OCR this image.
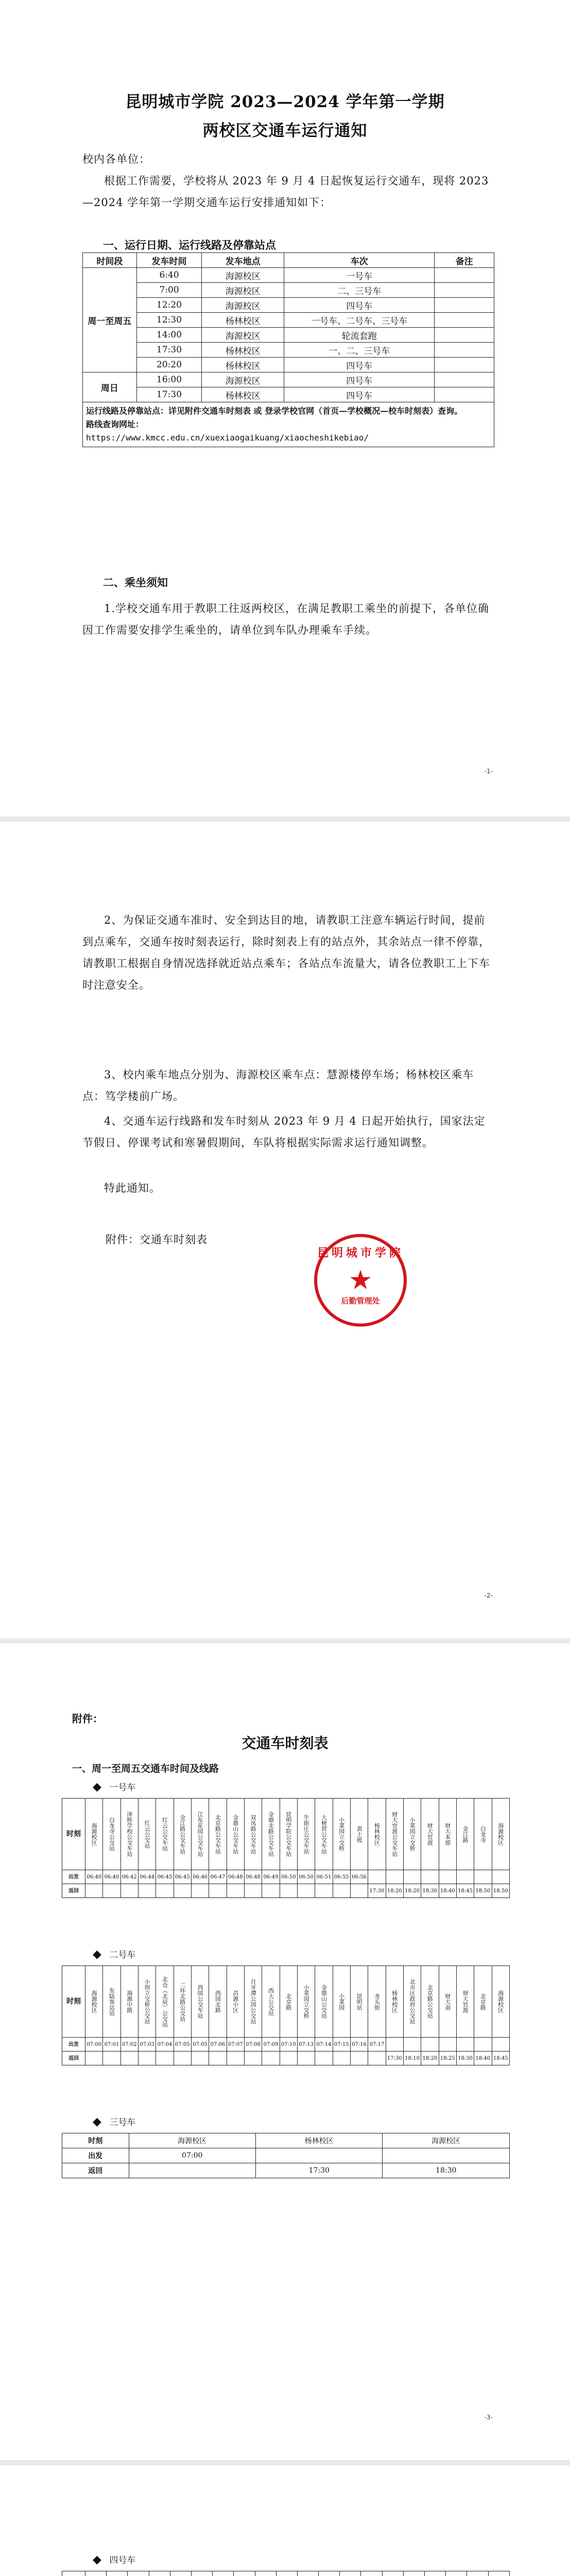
昆明城市学院 2023—2024 学年第一学期
两校区交通车运行通知
校内各单位：
根据工作需要，学校将从 2023 年 9 月 4 日起恢复运行交通车，现将 2023—2024 学年第一学期交通车运行安排通知如下：
一、运行日期、运行线路及停靠站点
时间段	发车时间	发车地点	车次	备注
周一至周五	6:40	海源校区	一号车	
	7:00	海源校区	二、三号车	
	12:20	海源校区	四号车	
	12:30	杨林校区	一号车、二号车、三号车	
	14:00	海源校区	轮流套跑	
	17:30	杨林校区	一、二、三号车	
	20:20	杨林校区	四号车	
周日	16:00	海源校区	四号车	
	17:30	杨林校区	四号车	

运行线路及停靠站点：详见附件交通车时刻表 或 登录学校官网（首页—学校概况—校车时刻表）查询。
路线查询网址：
https://www.kmcc.edu.cn/xuexiaogaikuang/xiaocheshikebiao/				
二、乘坐须知
1.学校交通车用于教职工往返两校区，在满足教职工乘坐的前提下，各单位确因工作需要安排学生乘坐的，请单位到车队办理乘车手续。
-1-
2、为保证交通车准时、安全到达目的地，请教职工注意车辆运行时间，提前到点乘车，交通车按时刻表运行，除时刻表上有的站点外，其余站点一律不停靠，请教职工根据自身情况选择就近站点乘车；各站点车流量大，请各位教职工上下车时注意安全。
3、校内乘车地点分别为、海源校区乘车点：慧源楼停车场；杨林校区乘车点：笃学楼前广场。
4、交通车运行线路和发车时刻从 2023 年 9 月 4 日起开始执行，国家法定节假日、停课考试和寒暑假期间，车队将根据实际需求运行通知调整。
特此通知。
附件：交通车时刻表
昆明城市学院
★
后勤管理处
-2-
附件：
交通车时刻表
一、周一至周五交通车时间及线路
◆ 一号车
时刻	海源校区	白龙寺公交站	津桥学校公交车站	红云公交站	红云公交车站	金江路公交车站	江东花园公交车站	北京路公交车站	金鼎山公交车站	双凤路公交车站	金鼎北路公交车站	昆明学院公交车站	牛街庄公交车站	大树营公交车站	小菜园立交桥	黄土坡	杨林校区	财大官渡公交车站	小菜园立交桥	财大官渡	财大本部	金江路	白龙寺	海源校区
出发	06:40	06:40	06:42	06:44	06:45	06:45	06:46	06:47	06:48	06:48	06:49	06:50	06:50	06:51	06:55	06:56								
返回																	17:30	18:20	18:20	18:30	18:40	18:45	18:50	18:50
◆ 二号车
时刻	海源校区	东陆客运站	海源中路	小坝立交桥公交站	北仓（北辰）公交站	二环北路公交站	西园公交车站	西园北路	昌源小区	月牙潭公园公交站	西大公交站	北京路	小菜园立交桥	金鼎山公交站	小菜园	昆明站	龙头街	杨林校区	北市区政府公交站	北京路公交站	财大南	财大官渡	北京路	海源校区
出发	07:00	07:01	07:02	07:03	07:04	07:05	07:05	07:06	07:07	07:08	07:09	07:10	07:13	07:14	07:15	07:16	07:17							
返回																		17:30	18:10	18:20	18:25	18:30	18:40	18:45
◆ 三号车
时刻	海源校区	杨林校区	海源校区
出发	07:00		
返回		17:30	18:30
-3-
◆ 四号车
